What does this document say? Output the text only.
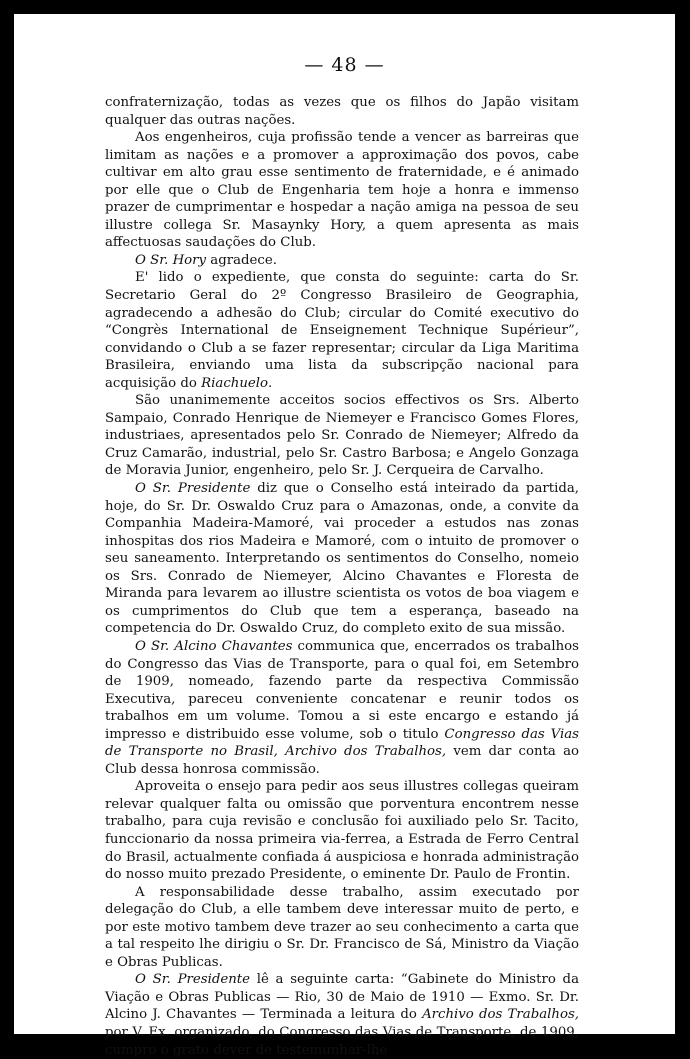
— 48 —

confraternização, todas as vezes que os filhos do Japão visitam qualquer das outras nações.

Aos engenheiros, cuja profissão tende a vencer as barreiras que limitam as nações e a promover a approximação dos povos, cabe cultivar em alto grau esse sentimento de fraternidade, e é animado por elle que o Club de Engenharia tem hoje a honra e immenso prazer de cumprimentar e hospedar a nação amiga na pessoa de seu illustre collega Sr. Masaynky Hory, a quem apresenta as mais affectuosas saudações do Club.

O Sr. Hory agradece.

E' lido o expediente, que consta do seguinte: carta do Sr. Secretario Geral do 2º Congresso Brasileiro de Geographia, agradecendo a adhesão do Club; circular do Comité executivo do “Congrès International de Enseignement Technique Supérieur”, convidando o Club a se fazer representar; circular da Liga Maritima Brasileira, enviando uma lista da subscripção nacional para acquisição do Riachuelo.

São unanimemente acceitos socios effectivos os Srs. Alberto Sampaio, Conrado Henrique de Niemeyer e Francisco Gomes Flores, industriaes, apresentados pelo Sr. Conrado de Niemeyer; Alfredo da Cruz Camarão, industrial, pelo Sr. Castro Barbosa; e Angelo Gonzaga de Moravia Junior, engenheiro, pelo Sr. J. Cerqueira de Carvalho.

O Sr. Presidente diz que o Conselho está inteirado da partida, hoje, do Sr. Dr. Oswaldo Cruz para o Amazonas, onde, a convite da Companhia Madeira-Mamoré, vai proceder a estudos nas zonas inhospitas dos rios Madeira e Mamoré, com o intuito de promover o seu saneamento. Interpretando os sentimentos do Conselho, nomeio os Srs. Conrado de Niemeyer, Alcino Chavantes e Floresta de Miranda para levarem ao illustre scientista os votos de boa viagem e os cumprimentos do Club que tem a esperança, baseado na competencia do Dr. Oswaldo Cruz, do completo exito de sua missão.

O Sr. Alcino Chavantes communica que, encerrados os trabalhos do Congresso das Vias de Transporte, para o qual foi, em Setembro de 1909, nomeado, fazendo parte da respectiva Commissão Executiva, pareceu conveniente concatenar e reunir todos os trabalhos em um volume. Tomou a si este encargo e estando já impresso e distribuido esse volume, sob o titulo Congresso das Vias de Transporte no Brasil, Archivo dos Trabalhos, vem dar conta ao Club dessa honrosa commissão.

Aproveita o ensejo para pedir aos seus illustres collegas queiram relevar qualquer falta ou omissão que porventura encontrem nesse trabalho, para cuja revisão e conclusão foi auxiliado pelo Sr. Tacito, funccionario da nossa primeira via-ferrea, a Estrada de Ferro Central do Brasil, actualmente confiada á auspiciosa e honrada administração do nosso muito prezado Presidente, o eminente Dr. Paulo de Frontin.

A responsabilidade desse trabalho, assim executado por delegação do Club, a elle tambem deve interessar muito de perto, e por este motivo tambem deve trazer ao seu conhecimento a carta que a tal respeito lhe dirigiu o Sr. Dr. Francisco de Sá, Ministro da Viação e Obras Publicas.

O Sr. Presidente lê a seguinte carta: “Gabinete do Ministro da Viação e Obras Publicas — Rio, 30 de Maio de 1910 — Exmo. Sr. Dr. Alcino J. Chavantes — Terminada a leitura do Archivo dos Trabalhos, por V. Ex. organizado, do Congresso das Vias de Transporte, de 1909, cumpro o grato dever de testemunhar-lhe
